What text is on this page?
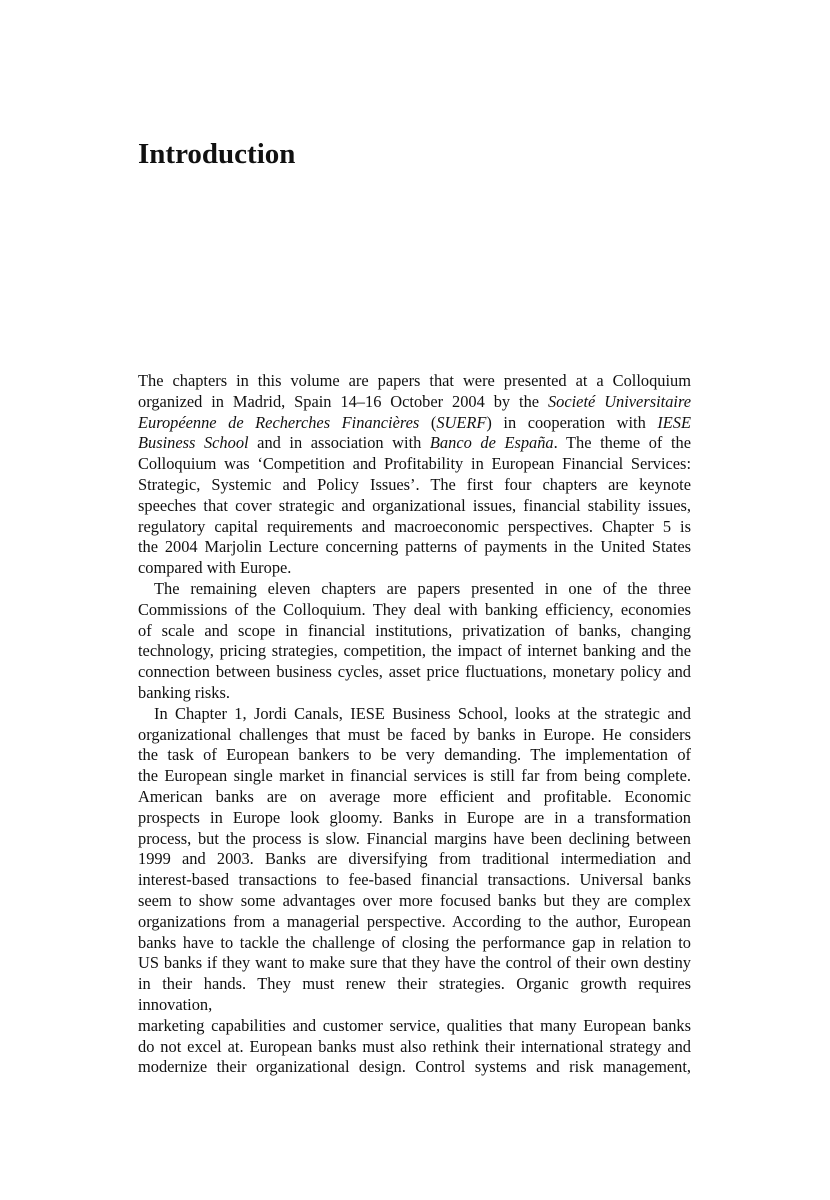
Introduction
The chapters in this volume are papers that were presented at a Colloquium
organized in Madrid, Spain 14–16 October 2004 by the Societé Universitaire
Européenne de Recherches Financières (SUERF) in cooperation with IESE
Business School and in association with Banco de España. The theme of the
Colloquium was ‘Competition and Profitability in European Financial Services:
Strategic, Systemic and Policy Issues’. The first four chapters are keynote
speeches that cover strategic and organizational issues, financial stability issues,
regulatory capital requirements and macroeconomic perspectives. Chapter 5 is
the 2004 Marjolin Lecture concerning patterns of payments in the United States
compared with Europe.
The remaining eleven chapters are papers presented in one of the three
Commissions of the Colloquium. They deal with banking efficiency, economies
of scale and scope in financial institutions, privatization of banks, changing
technology, pricing strategies, competition, the impact of internet banking and the
connection between business cycles, asset price fluctuations, monetary policy and
banking risks.
In Chapter 1, Jordi Canals, IESE Business School, looks at the strategic and
organizational challenges that must be faced by banks in Europe. He considers
the task of European bankers to be very demanding. The implementation of
the European single market in financial services is still far from being complete.
American banks are on average more efficient and profitable. Economic
prospects in Europe look gloomy. Banks in Europe are in a transformation
process, but the process is slow. Financial margins have been declining between
1999 and 2003. Banks are diversifying from traditional intermediation and
interest-based transactions to fee-based financial transactions. Universal banks
seem to show some advantages over more focused banks but they are complex
organizations from a managerial perspective. According to the author, European
banks have to tackle the challenge of closing the performance gap in relation to
US banks if they want to make sure that they have the control of their own destiny
in their hands. They must renew their strategies. Organic growth requires innovation,
marketing capabilities and customer service, qualities that many European banks
do not excel at. European banks must also rethink their international strategy and
modernize their organizational design. Control systems and risk management,
